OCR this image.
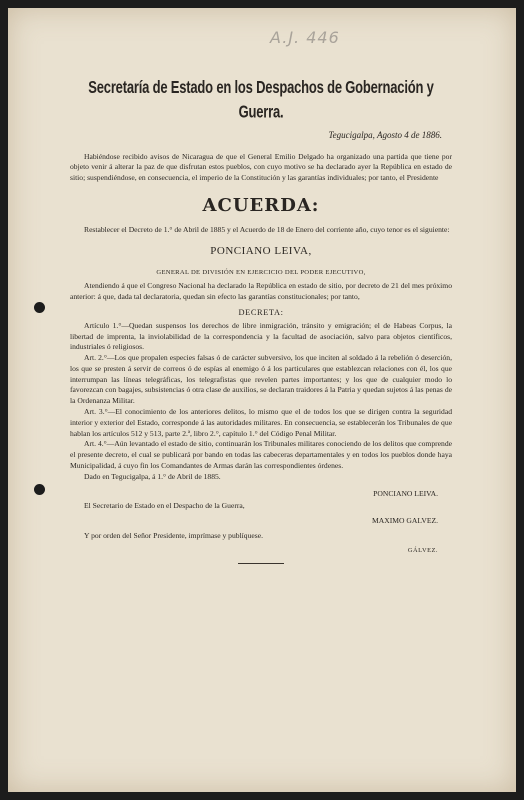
A.J. 446
Secretaría de Estado en los Despachos de Gobernación y Guerra.
Tegucigalpa, Agosto 4 de 1886.

Habiéndose recibido avisos de Nicaragua de que el General Emilio Delgado ha organizado una partida que tiene por objeto venir á alterar la paz de que disfrutan estos pueblos, con cuyo motivo se ha declarado ayer la República en estado de sitio; suspendiéndose, en consecuencia, el imperio de la Constitución y las garantías individuales; por tanto, el Presidente

ACUERDA:

Restablecer el Decreto de 1.° de Abril de 1885 y el Acuerdo de 18 de Enero del corriente año, cuyo tenor es el siguiente:

PONCIANO LEIVA,
GENERAL DE DIVISIÓN EN EJERCICIO DEL PODER EJECUTIVO,

Atendiendo á que el Congreso Nacional ha declarado la República en estado de sitio, por decreto de 21 del mes próximo anterior: á que, dada tal declaratoria, quedan sin efecto las garantías constitucionales; por tanto,

DECRETA:

Artículo 1.°—Quedan suspensos los derechos de libre inmigración, tránsito y emigración; el de Habeas Corpus, la libertad de imprenta, la inviolabilidad de la correspondencia y la facultad de asociación, salvo para objetos científicos, industriales ó religiosos.

Art. 2.°—Los que propalen especies falsas ó de carácter subversivo, los que inciten al soldado á la rebelión ó deserción, los que se presten á servir de correos ó de espías al enemigo ó á los particulares que establezcan relaciones con él, los que interrumpan las líneas telegráficas, los telegrafistas que revelen partes importantes; y los que de cualquier modo lo favorezcan con bagajes, subsistencias ó otra clase de auxilios, se declaran traidores á la Patria y quedan sujetos á las penas de la Ordenanza Militar.

Art. 3.°—El conocimiento de los anteriores delitos, lo mismo que el de todos los que se dirigen contra la seguridad interior y exterior del Estado, corresponde á las autoridades militares. En consecuencia, se establecerán los Tribunales de que hablan los artículos 512 y 513, parte 2.ª, libro 2.°, capítulo 1.° del Código Penal Militar.

Art. 4.°—Aún levantado el estado de sitio, continuarán los Tribunales militares conociendo de los delitos que comprende el presente decreto, el cual se publicará por bando en todas las cabeceras departamentales y en todos los pueblos donde haya Municipalidad, á cuyo fin los Comandantes de Armas darán las correspondientes órdenes.

Dado en Tegucigalpa, á 1.° de Abril de 1885.

PONCIANO LEIVA.
El Secretario de Estado en el Despacho de la Guerra,
MAXIMO GALVEZ.
Y por orden del Señor Presidente, imprímase y publíquese.
GÁLVEZ.
